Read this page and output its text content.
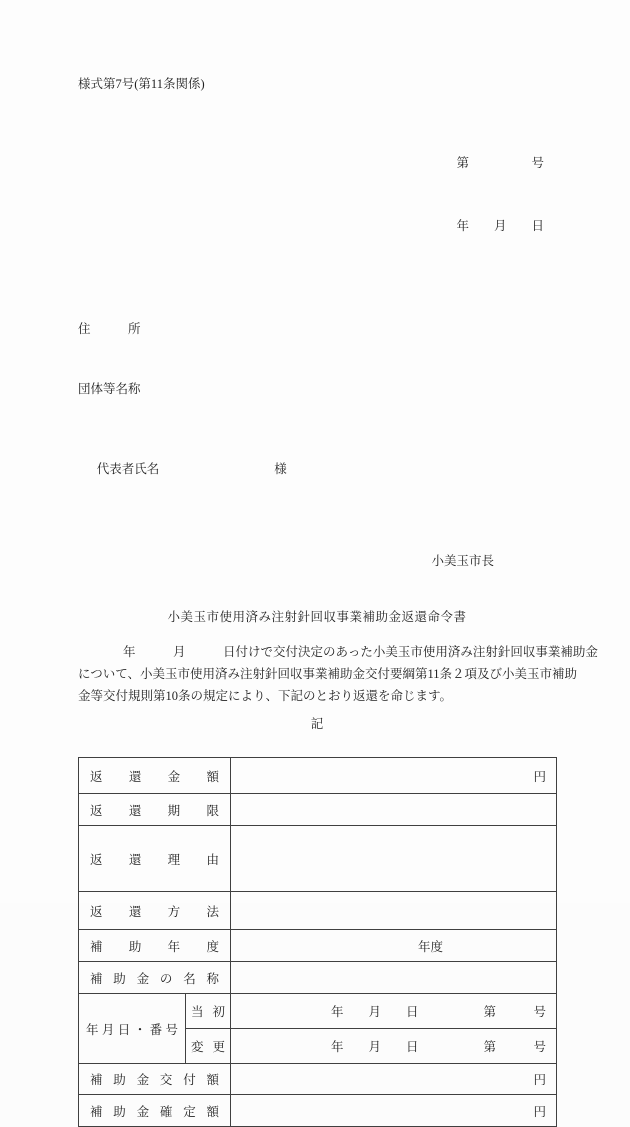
様式第7号(第11条関係)

第　　　　　号

年　　月　　日

住　　　所

団体等名称

代表者氏名	様

小美玉市長
小美玉市使用済み注射針回収事業補助金返還命令書
年　　　月　　　日付けで交付決定のあった小美玉市使用済み注射針回収事業補助金
について、小美玉市使用済み注射針回収事業補助金交付要綱第11条２項及び小美玉市補助
金等交付規則第10条の規定により、下記のとおり返還を命じます。
記
返還金額		円
返還期限		
返還理由		
返還方法		
補助年度		年度
補助金の名称		
年月日・番号	当初	年　　月　　日 第　　　号

	変更	年　　月　　日 第　　　号

補助金交付額		円
補助金確定額		円
